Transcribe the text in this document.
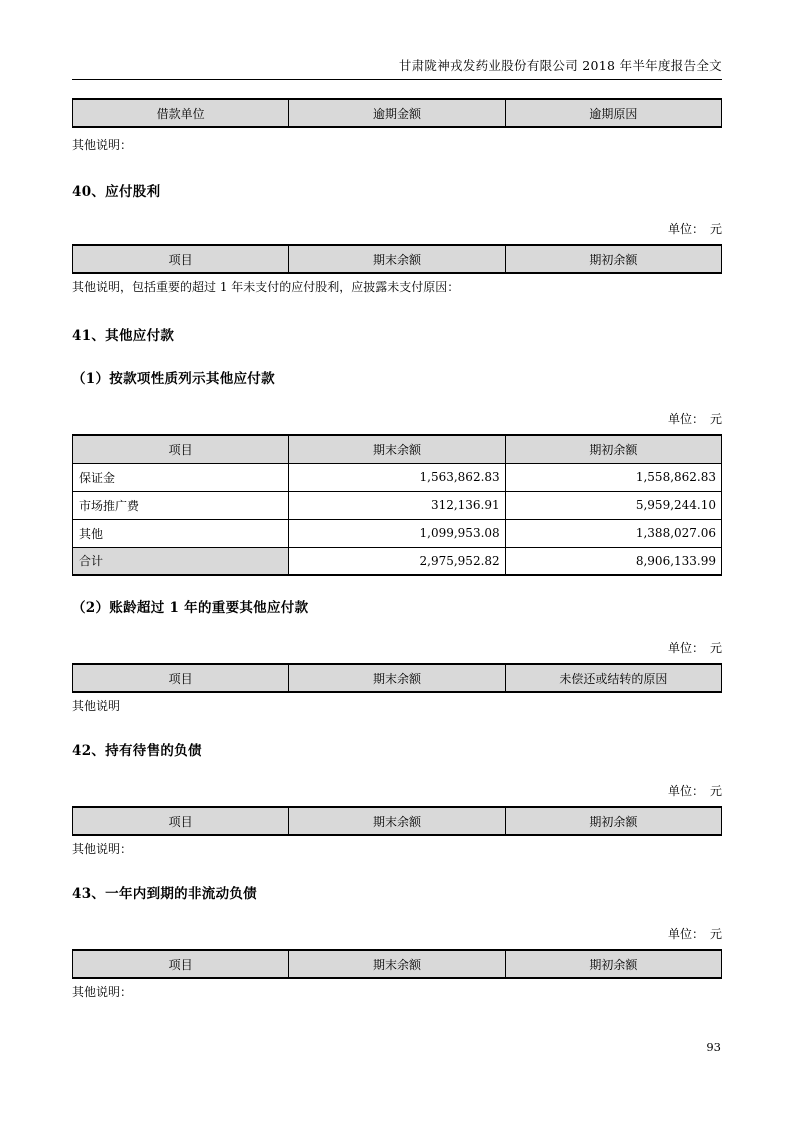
甘肃陇神戎发药业股份有限公司 2018 年半年度报告全文
借款单位	逾期金额	逾期原因
其他说明：
40、应付股利
单位：　元
项目	期末余额	期初余额
其他说明，包括重要的超过 1 年未支付的应付股利，应披露未支付原因：
41、其他应付款
（1）按款项性质列示其他应付款
单位：　元
项目	期末余额	期初余额
保证金	1,563,862.83	1,558,862.83
市场推广费	312,136.91	5,959,244.10
其他	1,099,953.08	1,388,027.06
合计	2,975,952.82	8,906,133.99
（2）账龄超过 1 年的重要其他应付款
单位：　元
项目	期末余额	未偿还或结转的原因
其他说明
42、持有待售的负债
单位：　元
项目	期末余额	期初余额
其他说明：
43、一年内到期的非流动负债
单位：　元
项目	期末余额	期初余额
其他说明：
93
